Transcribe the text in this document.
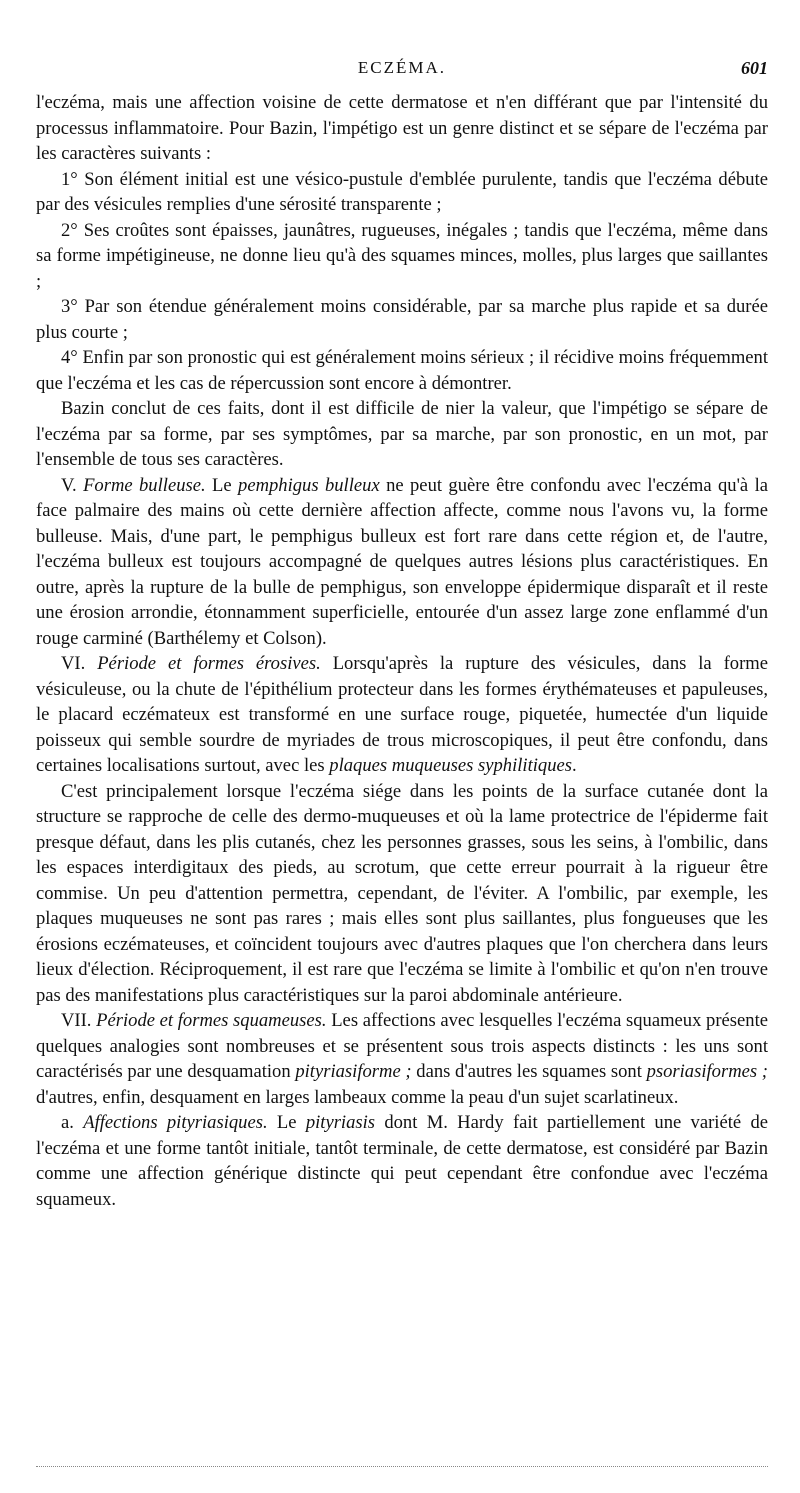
ECZÉMA.	601

l'eczéma, mais une affection voisine de cette dermatose et n'en différant que par l'intensité du processus inflammatoire. Pour Bazin, l'impétigo est un genre distinct et se sépare de l'eczéma par les caractères suivants :

1° Son élément initial est une vésico-pustule d'emblée purulente, tandis que l'eczéma débute par des vésicules remplies d'une sérosité transparente ;

2° Ses croûtes sont épaisses, jaunâtres, rugueuses, inégales ; tandis que l'eczéma, même dans sa forme impétigineuse, ne donne lieu qu'à des squames minces, molles, plus larges que saillantes ;

3° Par son étendue généralement moins considérable, par sa marche plus rapide et sa durée plus courte ;

4° Enfin par son pronostic qui est généralement moins sérieux ; il récidive moins fréquemment que l'eczéma et les cas de répercussion sont encore à démontrer.

Bazin conclut de ces faits, dont il est difficile de nier la valeur, que l'impétigo se sépare de l'eczéma par sa forme, par ses symptômes, par sa marche, par son pronostic, en un mot, par l'ensemble de tous ses caractères.

V. Forme bulleuse. Le pemphigus bulleux ne peut guère être confondu avec l'eczéma qu'à la face palmaire des mains où cette dernière affection affecte, comme nous l'avons vu, la forme bulleuse. Mais, d'une part, le pemphigus bulleux est fort rare dans cette région et, de l'autre, l'eczéma bulleux est toujours accompagné de quelques autres lésions plus caractéristiques. En outre, après la rupture de la bulle de pemphigus, son enveloppe épidermique disparaît et il reste une érosion arrondie, étonnamment superficielle, entourée d'un assez large zone enflammé d'un rouge carminé (Barthélemy et Colson).

VI. Période et formes érosives. Lorsqu'après la rupture des vésicules, dans la forme vésiculeuse, ou la chute de l'épithélium protecteur dans les formes érythémateuses et papuleuses, le placard eczémateux est transformé en une surface rouge, piquetée, humectée d'un liquide poisseux qui semble sourdre de myriades de trous microscopiques, il peut être confondu, dans certaines localisations surtout, avec les plaques muqueuses syphilitiques.

C'est principalement lorsque l'eczéma siége dans les points de la surface cutanée dont la structure se rapproche de celle des dermo-muqueuses et où la lame protectrice de l'épiderme fait presque défaut, dans les plis cutanés, chez les personnes grasses, sous les seins, à l'ombilic, dans les espaces interdigitaux des pieds, au scrotum, que cette erreur pourrait à la rigueur être commise. Un peu d'attention permettra, cependant, de l'éviter. A l'ombilic, par exemple, les plaques muqueuses ne sont pas rares ; mais elles sont plus saillantes, plus fongueuses que les érosions eczémateuses, et coïncident toujours avec d'autres plaques que l'on cherchera dans leurs lieux d'élection. Réciproquement, il est rare que l'eczéma se limite à l'ombilic et qu'on n'en trouve pas des manifestations plus caractéristiques sur la paroi abdominale antérieure.

VII. Période et formes squameuses. Les affections avec lesquelles l'eczéma squameux présente quelques analogies sont nombreuses et se présentent sous trois aspects distincts : les uns sont caractérisés par une desquamation pityriasiforme ; dans d'autres les squames sont psoriasiformes ; d'autres, enfin, desquament en larges lambeaux comme la peau d'un sujet scarlatineux.

a. Affections pityriasiques. Le pityriasis dont M. Hardy fait partiellement une variété de l'eczéma et une forme tantôt initiale, tantôt terminale, de cette dermatose, est considéré par Bazin comme une affection générique distincte qui peut cependant être confondue avec l'eczéma squameux.
